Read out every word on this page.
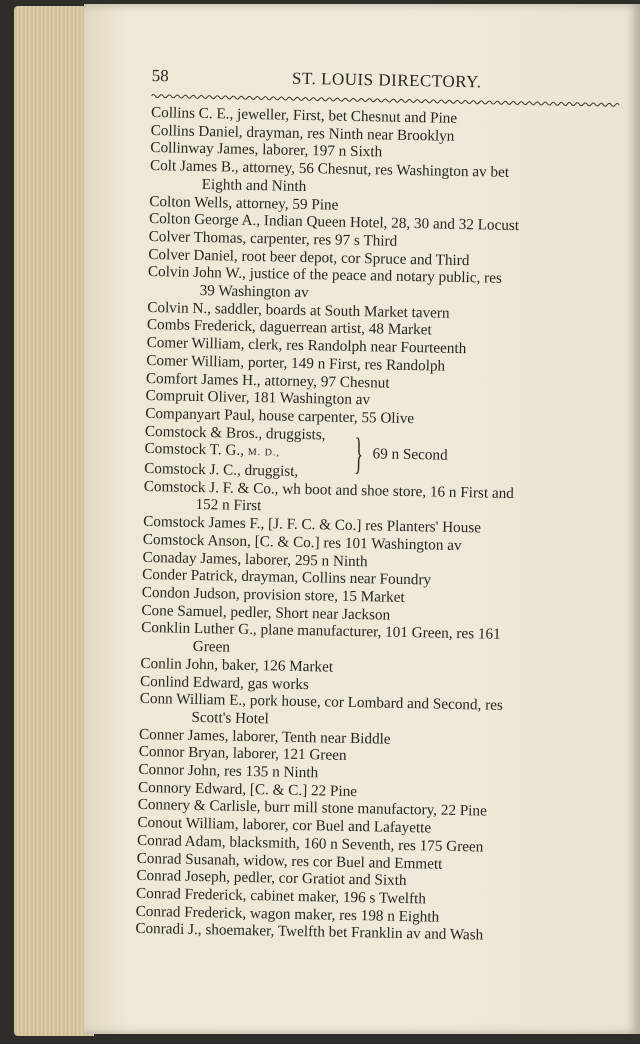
58	ST. LOUIS DIRECTORY.
Collins C. E., jeweller, First, bet Chesnut and Pine
Collins Daniel, drayman, res Ninth near Brooklyn
Collinway James, laborer, 197 n Sixth
Colt James B., attorney, 56 Chesnut, res Washington av bet
Eighth and Ninth
Colton Wells, attorney, 59 Pine
Colton George A., Indian Queen Hotel, 28, 30 and 32 Locust
Colver Thomas, carpenter, res 97 s Third
Colver Daniel, root beer depot, cor Spruce and Third
Colvin John W., justice of the peace and notary public, res
39 Washington av
Colvin N., saddler, boards at South Market tavern
Combs Frederick, daguerrean artist, 48 Market
Comer William, clerk, res Randolph near Fourteenth
Comer William, porter, 149 n First, res Randolph
Comfort James H., attorney, 97 Chesnut
Compruit Oliver, 181 Washington av
Companyart Paul, house carpenter, 55 Olive
Comstock & Bros., druggists,
Comstock T. G., M. D.,
Comstock J. C., druggist,	} 69 n Second
Comstock J. F. & Co., wh boot and shoe store, 16 n First and
152 n First
Comstock James F., [J. F. C. & Co.] res Planters' House
Comstock Anson, [C. & Co.] res 101 Washington av
Conaday James, laborer, 295 n Ninth
Conder Patrick, drayman, Collins near Foundry
Condon Judson, provision store, 15 Market
Cone Samuel, pedler, Short near Jackson
Conklin Luther G., plane manufacturer, 101 Green, res 161
Green
Conlin John, baker, 126 Market
Conlind Edward, gas works
Conn William E., pork house, cor Lombard and Second, res
Scott's Hotel
Conner James, laborer, Tenth near Biddle
Connor Bryan, laborer, 121 Green
Connor John, res 135 n Ninth
Connory Edward, [C. & C.] 22 Pine
Connery & Carlisle, burr mill stone manufactory, 22 Pine
Conout William, laborer, cor Buel and Lafayette
Conrad Adam, blacksmith, 160 n Seventh, res 175 Green
Conrad Susanah, widow, res cor Buel and Emmett
Conrad Joseph, pedler, cor Gratiot and Sixth
Conrad Frederick, cabinet maker, 196 s Twelfth
Conrad Frederick, wagon maker, res 198 n Eighth
Conradi J., shoemaker, Twelfth bet Franklin av and Wash
